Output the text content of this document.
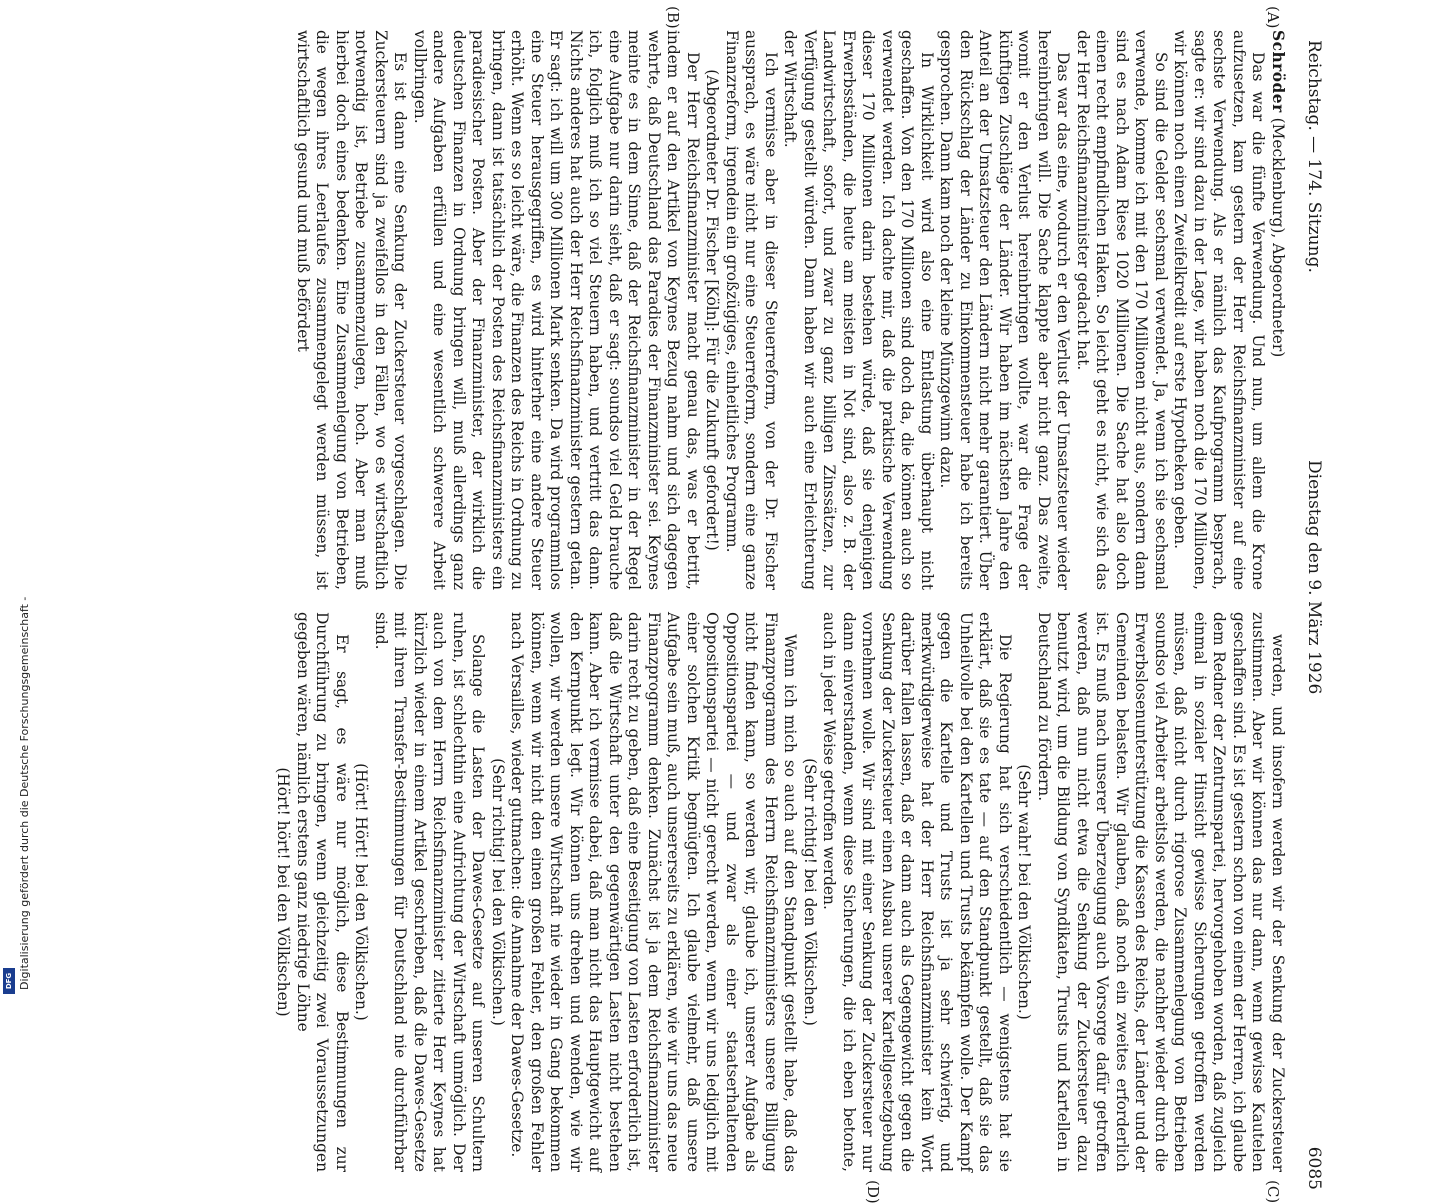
Reichstag. — 174. Sitzung.
Dienstag den 9. März 1926
6085
(A)
(B)
(C)
(D)

Schröder (Mecklenburg), Abgeordneter)

Das war die fünfte Verwendung. Und nun, um allem die Krone aufzusetzen, kam gestern der Herr Reichsfinanzminister auf eine sechste Verwendung. Als er nämlich das Kaufprogramm besprach, sagte er: wir sind dazu in der Lage, wir haben noch die 170 Millionen, wir können noch einen Zweifelkredit auf erste Hypotheken geben.

So sind die Gelder sechsmal verwendet. Ja, wenn ich sie sechsmal verwende, komme ich mit den 170 Millionen nicht aus, sondern dann sind es nach Adam Riese 1020 Millionen. Die Sache hat also doch einen recht empfindlichen Haken. So leicht geht es nicht, wie sich das der Herr Reichsfinanzminister gedacht hat.

Das war das eine, wodurch er den Verlust der Umsatzsteuer wieder hereinbringen will. Die Sache klappte aber nicht ganz. Das zweite, womit er den Verlust hereinbringen wollte, war die Frage der künftigen Zuschläge der Länder. Wir haben im nächsten Jahre den Anteil an der Umsatzsteuer den Ländern nicht mehr garantiert. Über den Rückschlag der Länder zu Einkommensteuer habe ich bereits gesprochen. Dann kam noch der kleine Münzgewinn dazu.

In Wirklichkeit wird also eine Entlastung überhaupt nicht geschaffen. Von den 170 Millionen sind doch da, die können auch so verwendet werden. Ich dachte mir, daß die praktische Verwendung dieser 170 Millionen darin bestehen würde, daß sie denjenigen Erwerbsständen, die heute am meisten in Not sind, also z. B. der Landwirtschaft, sofort, und zwar zu ganz billigen Zinssätzen, zur Verfügung gestellt würden. Dann haben wir auch eine Erleichterung der Wirtschaft.

Ich vermisse aber in dieser Steuerreform, von der Dr. Fischer aussprach, es wäre nicht nur eine Steuerreform, sondern eine ganze Finanzreform, irgendein ein großzügiges, einheitliches Programm.

(Abgeordneter Dr. Fischer [Köln]: Für die Zukunft gefordert!)

Der Herr Reichsfinanzminister macht genau das, was er betritt, indem er auf den Artikel von Keynes Bezug nahm und sich dagegen wehrte, daß Deutschland das Paradies der Finanzminister sei. Keynes meinte es in dem Sinne, daß der Reichsfinanzminister in der Regel eine Aufgabe nur darin sieht, daß er sagt: soundso viel Geld brauche ich, folglich muß ich so viel Steuern haben, und vertritt das dann. Nichts anderes hat auch der Herr Reichsfinanzminister gestern getan. Er sagt: ich will um 300 Millionen Mark senken. Da wird programmlos eine Steuer herausgegriffen, es wird hinterher eine andere Steuer erhöht. Wenn es so leicht wäre, die Finanzen des Reichs in Ordnung zu bringen, dann ist tatsächlich der Posten des Reichsfinanzministers ein paradiesischer Posten. Aber der Finanzminister, der wirklich die deutschen Finanzen in Ordnung bringen will, muß allerdings ganz andere Aufgaben erfüllen und eine wesentlich schwerere Arbeit vollbringen.

Es ist dann eine Senkung der Zuckersteuer vorgeschlagen. Die Zuckersteuern sind ja zweifellos in den Fällen, wo es wirtschaftlich notwendig ist, Betriebe zusammenzulegen, hoch. Aber man muß hierbei doch eines bedenken. Eine Zusammenlegung von Betrieben, die wegen ihres Leerlaufes zusammengelegt werden müssen, ist wirtschaftlich gesund und muß befördert

werden, und insofern werden wir der Senkung der Zuckersteuer zustimmen. Aber wir können das nur dann, wenn gewisse Kautelen geschaffen sind. Es ist gestern schon von einem der Herren, ich glaube dem Redner der Zentrumspartei, hervorgehoben worden, daß zugleich einmal in sozialer Hinsicht gewisse Sicherungen getroffen werden müssen, daß nicht durch rigorose Zusammenlegung von Betrieben soundso viel Arbeiter arbeitslos werden, die nachher wieder durch die Erwerbslosenunterstützung die Kassen des Reichs, der Länder und der Gemeinden belasten. Wir glauben, daß noch ein zweites erforderlich ist. Es muß nach unserer Überzeugung auch Vorsorge dafür getroffen werden, daß nun nicht etwa die Senkung der Zuckersteuer dazu benutzt wird, um die Bildung von Syndikaten, Trusts und Kartellen in Deutschland zu fördern.

(Sehr wahr! bei den Völkischen.)

Die Regierung hat sich verschiedentlich — wenigstens hat sie erklärt, daß sie es tate — auf den Standpunkt gestellt, daß sie das Unheilvolle bei den Kartellen und Trusts bekämpfen wolle. Der Kampf gegen die Kartelle und Trusts ist ja sehr schwierig, und merkwürdigerweise hat der Herr Reichsfinanzminister kein Wort darüber fallen lassen, daß er dann auch als Gegengewicht gegen die Senkung der Zuckersteuer einen Ausbau unserer Kartellgesetzgebung vornehmen wolle. Wir sind mit einer Senkung der Zuckersteuer nur dann einverstanden, wenn diese Sicherungen, die ich eben betonte, auch in jeder Weise getroffen werden.

(Sehr richtig! bei den Völkischen.)

Wenn ich mich so auch auf den Standpunkt gestellt habe, daß das Finanzprogramm des Herrn Reichsfinanzministers unsere Billigung nicht finden kann, so werden wir, glaube ich, unserer Aufgabe als Oppositionspartei — und zwar als einer staatserhaltenden Oppositionspartei — nicht gerecht werden, wenn wir uns lediglich mit einer solchen Kritik begnügten. Ich glaube vielmehr, daß unsere Aufgabe sein muß, auch unsererseits zu erklären, wie wir uns das neue Finanzprogramm denken. Zunächst ist ja dem Reichsfinanzminister darin recht zu geben, daß eine Beseitigung von Lasten erforderlich ist, daß die Wirtschaft unter den gegenwärtigen Lasten nicht bestehen kann. Aber ich vermisse dabei, daß man nicht das Hauptgewicht auf den Kernpunkt legt. Wir können uns drehen und wenden, wie wir wollen, wir werden unsere Wirtschaft nie wieder in Gang bekommen können, wenn wir nicht den einen großen Fehler, den großen Fehler nach Versailles, wieder gutmachen: die Annahme der Dawes-Gesetze.

(Sehr richtig! bei den Völkischen.)

Solange die Lasten der Dawes-Gesetze auf unseren Schultern ruhen, ist schlechthin eine Aufrichtung der Wirtschaft unmöglich. Der auch von dem Herrn Reichsfinanzminister zitierte Herr Keynes hat kürzlich wieder in einem Artikel geschrieben, daß die Dawes-Gesetze mit ihren Transfer-Bestimmungen für Deutschland nie durchführbar sind.

(Hört! Hört! bei den Völkischen.)

Er sagt, es wäre nur möglich, diese Bestimmungen zur Durchführung zu bringen, wenn gleichzeitig zwei Voraussetzungen gegeben wären, nämlich erstens ganz niedrige Löhne

(Hört! hört! bei den Völkischen)

Digitalisierung gefördert durch die Deutsche Forschungsgemeinschaft -
DFG
